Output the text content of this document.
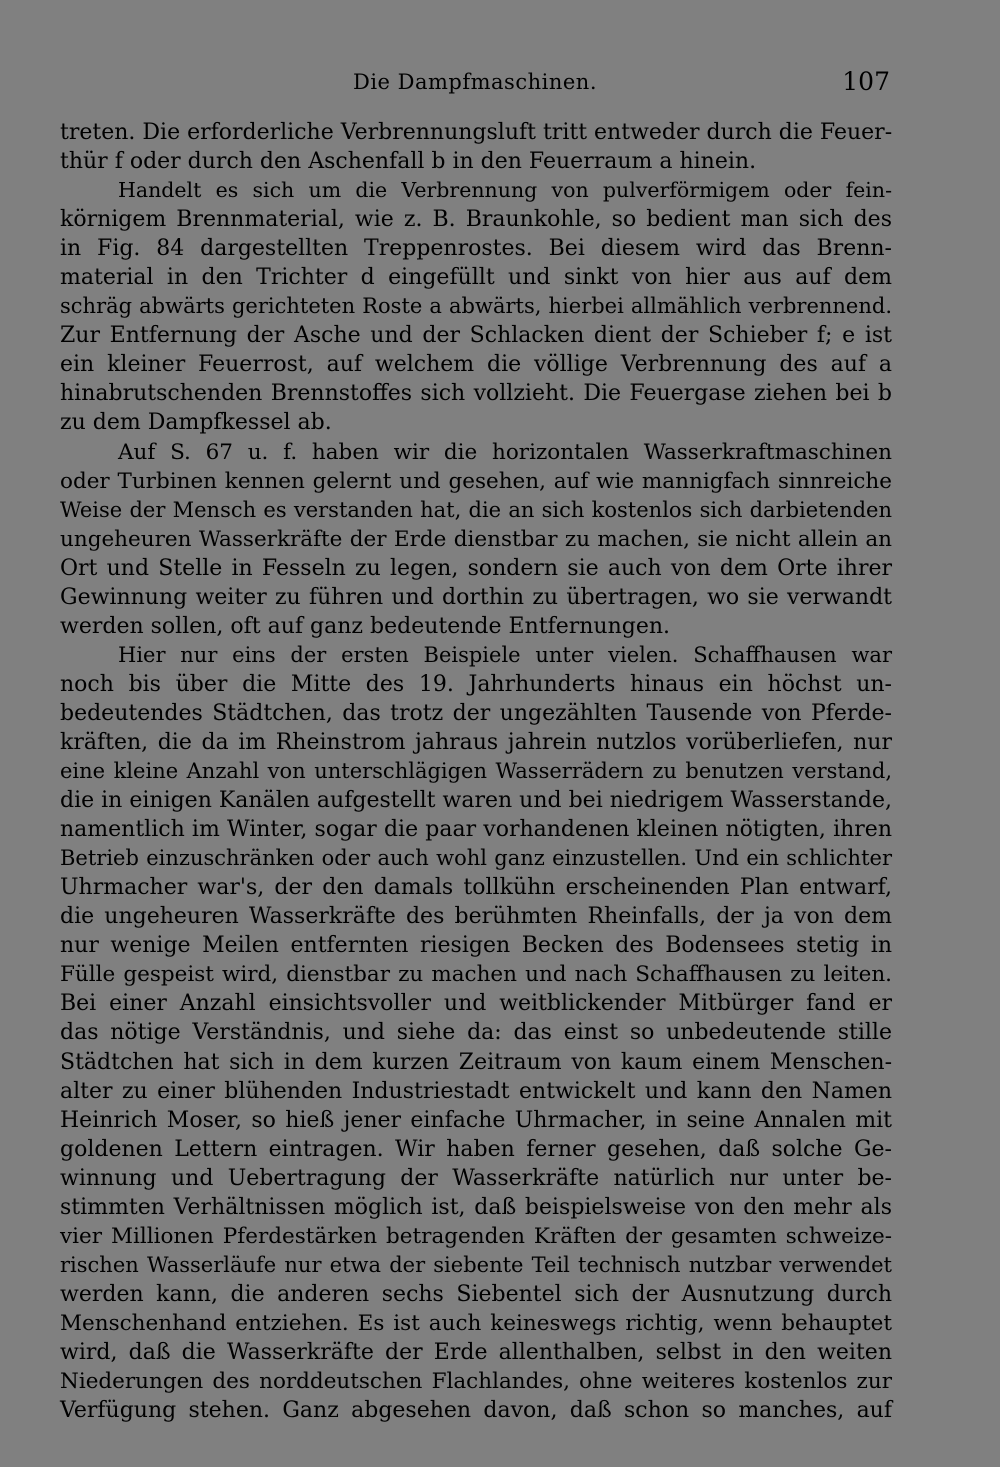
Die Dampfmaschinen.	107
treten. Die erforderliche Verbrennungsluft tritt entweder durch die Feuer-
thür f oder durch den Aschenfall b in den Feuerraum a hinein.
Handelt es sich um die Verbrennung von pulverförmigem oder fein-
körnigem Brennmaterial, wie z. B. Braunkohle, so bedient man sich des
in Fig. 84 dargestellten Treppenrostes. Bei diesem wird das Brenn-
material in den Trichter d eingefüllt und sinkt von hier aus auf dem
schräg abwärts gerichteten Roste a abwärts, hierbei allmählich verbrennend.
Zur Entfernung der Asche und der Schlacken dient der Schieber f; e ist
ein kleiner Feuerrost, auf welchem die völlige Verbrennung des auf a
hinabrutschenden Brennstoffes sich vollzieht. Die Feuergase ziehen bei b
zu dem Dampfkessel ab.
Auf S. 67 u. f. haben wir die horizontalen Wasserkraftmaschinen
oder Turbinen kennen gelernt und gesehen, auf wie mannigfach sinnreiche
Weise der Mensch es verstanden hat, die an sich kostenlos sich darbietenden
ungeheuren Wasserkräfte der Erde dienstbar zu machen, sie nicht allein an
Ort und Stelle in Fesseln zu legen, sondern sie auch von dem Orte ihrer
Gewinnung weiter zu führen und dorthin zu übertragen, wo sie verwandt
werden sollen, oft auf ganz bedeutende Entfernungen.
Hier nur eins der ersten Beispiele unter vielen. Schaffhausen war
noch bis über die Mitte des 19. Jahrhunderts hinaus ein höchst un-
bedeutendes Städtchen, das trotz der ungezählten Tausende von Pferde-
kräften, die da im Rheinstrom jahraus jahrein nutzlos vorüberliefen, nur
eine kleine Anzahl von unterschlägigen Wasserrädern zu benutzen verstand,
die in einigen Kanälen aufgestellt waren und bei niedrigem Wasserstande,
namentlich im Winter, sogar die paar vorhandenen kleinen nötigten, ihren
Betrieb einzuschränken oder auch wohl ganz einzustellen. Und ein schlichter
Uhrmacher war's, der den damals tollkühn erscheinenden Plan entwarf,
die ungeheuren Wasserkräfte des berühmten Rheinfalls, der ja von dem
nur wenige Meilen entfernten riesigen Becken des Bodensees stetig in
Fülle gespeist wird, dienstbar zu machen und nach Schaffhausen zu leiten.
Bei einer Anzahl einsichtsvoller und weitblickender Mitbürger fand er
das nötige Verständnis, und siehe da: das einst so unbedeutende stille
Städtchen hat sich in dem kurzen Zeitraum von kaum einem Menschen-
alter zu einer blühenden Industriestadt entwickelt und kann den Namen
Heinrich Moser, so hieß jener einfache Uhrmacher, in seine Annalen mit
goldenen Lettern eintragen. Wir haben ferner gesehen, daß solche Ge-
winnung und Uebertragung der Wasserkräfte natürlich nur unter be-
stimmten Verhältnissen möglich ist, daß beispielsweise von den mehr als
vier Millionen Pferdestärken betragenden Kräften der gesamten schweize-
rischen Wasserläufe nur etwa der siebente Teil technisch nutzbar verwendet
werden kann, die anderen sechs Siebentel sich der Ausnutzung durch
Menschenhand entziehen. Es ist auch keineswegs richtig, wenn behauptet
wird, daß die Wasserkräfte der Erde allenthalben, selbst in den weiten
Niederungen des norddeutschen Flachlandes, ohne weiteres kostenlos zur
Verfügung stehen. Ganz abgesehen davon, daß schon so manches, auf
